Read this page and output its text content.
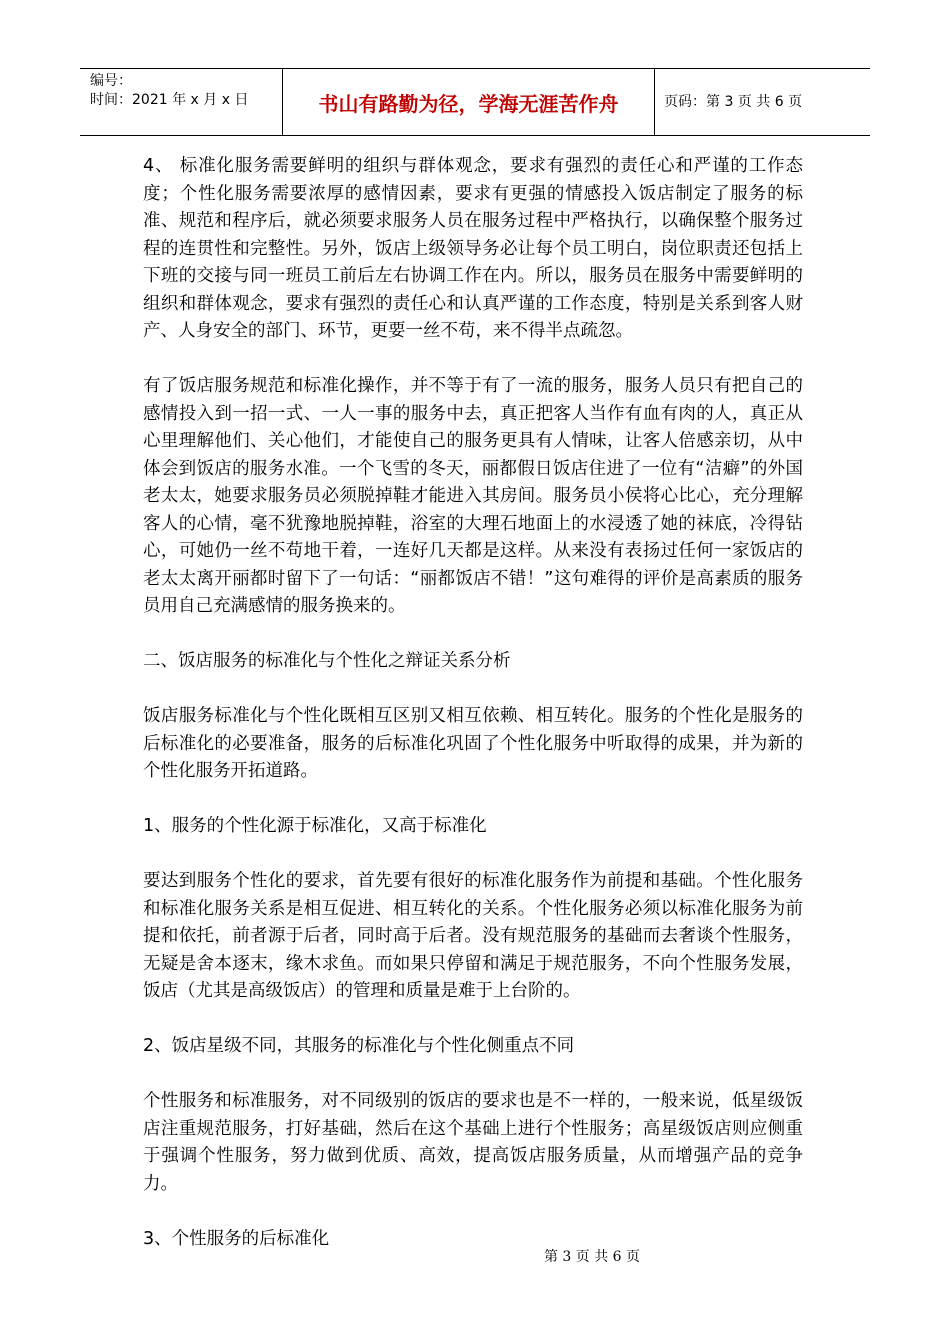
编号：
时间：2021 年 x 月 x 日	书山有路勤为径，学海无涯苦作舟	页码：第 3 页 共 6 页

4、 标准化服务需要鲜明的组织与群体观念，要求有强烈的责任心和严谨的工作态度；个性化服务需要浓厚的感情因素，要求有更强的情感投入饭店制定了服务的标准、规范和程序后，就必须要求服务人员在服务过程中严格执行，以确保整个服务过程的连贯性和完整性。另外，饭店上级领导务必让每个员工明白，岗位职责还包括上下班的交接与同一班员工前后左右协调工作在内。所以，服务员在服务中需要鲜明的组织和群体观念，要求有强烈的责任心和认真严谨的工作态度，特别是关系到客人财产、人身安全的部门、环节，更要一丝不苟，来不得半点疏忽。

有了饭店服务规范和标准化操作，并不等于有了一流的服务，服务人员只有把自己的感情投入到一招一式、一人一事的服务中去，真正把客人当作有血有肉的人，真正从心里理解他们、关心他们，才能使自己的服务更具有人情味，让客人倍感亲切，从中体会到饭店的服务水准。一个飞雪的冬天，丽都假日饭店住进了一位有“洁癖”的外国老太太，她要求服务员必须脱掉鞋才能进入其房间。服务员小侯将心比心，充分理解客人的心情，毫不犹豫地脱掉鞋，浴室的大理石地面上的水浸透了她的袜底，冷得钻心，可她仍一丝不苟地干着，一连好几天都是这样。从来没有表扬过任何一家饭店的老太太离开丽都时留下了一句话：“丽都饭店不错！”这句难得的评价是高素质的服务员用自己充满感情的服务换来的。

二、饭店服务的标准化与个性化之辩证关系分析

饭店服务标准化与个性化既相互区别又相互依赖、相互转化。服务的个性化是服务的后标准化的必要准备，服务的后标准化巩固了个性化服务中听取得的成果，并为新的个性化服务开拓道路。

1、服务的个性化源于标准化，又高于标准化

要达到服务个性化的要求，首先要有很好的标准化服务作为前提和基础。个性化服务和标准化服务关系是相互促进、相互转化的关系。个性化服务必须以标准化服务为前提和依托，前者源于后者，同时高于后者。没有规范服务的基础而去奢谈个性服务，无疑是舍本逐末，缘木求鱼。而如果只停留和满足于规范服务，不向个性服务发展，饭店（尤其是高级饭店）的管理和质量是难于上台阶的。

2、饭店星级不同，其服务的标准化与个性化侧重点不同

个性服务和标准服务，对不同级别的饭店的要求也是不一样的，一般来说，低星级饭店注重规范服务，打好基础，然后在这个基础上进行个性服务；高星级饭店则应侧重于强调个性服务，努力做到优质、高效，提高饭店服务质量，从而增强产品的竞争力。

3、个性服务的后标准化

第 3 页 共 6 页
